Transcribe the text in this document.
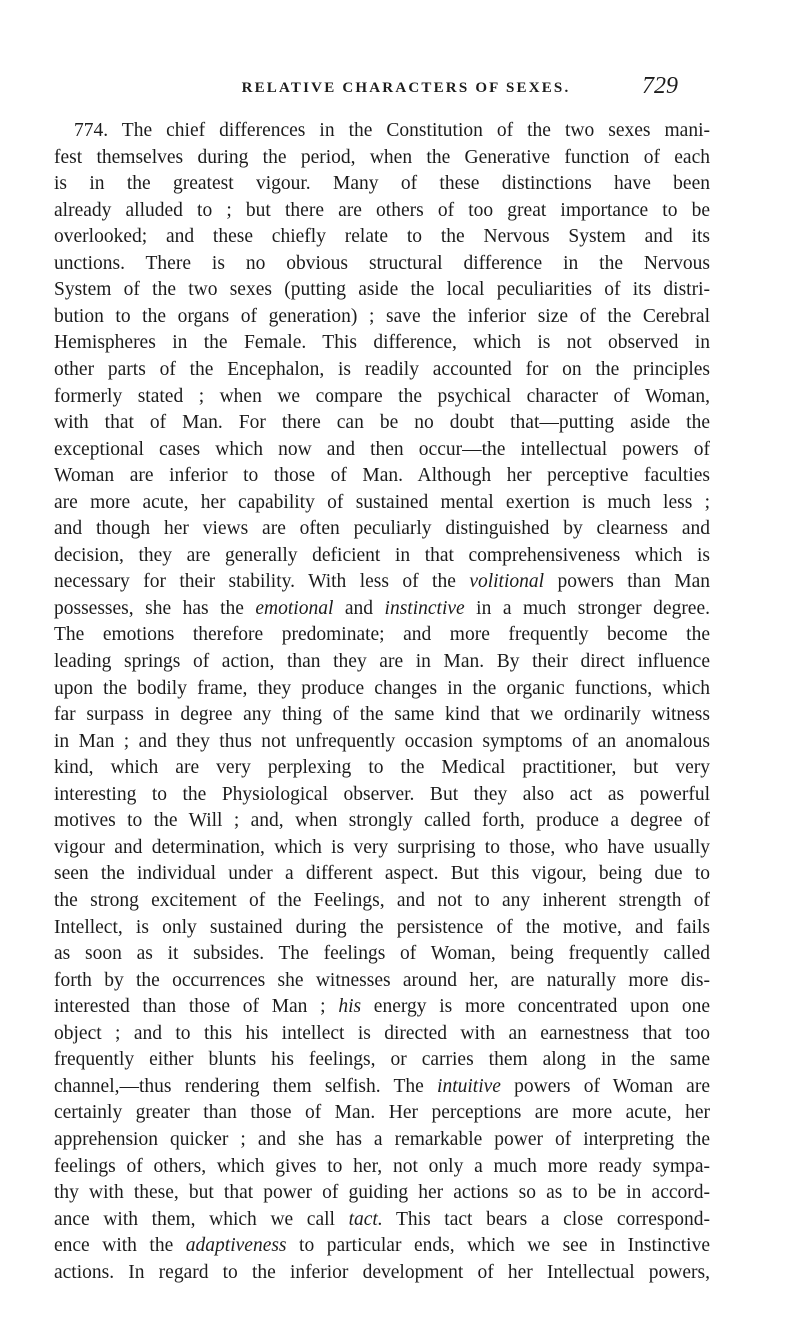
RELATIVE CHARACTERS OF SEXES.	729
774. The chief differences in the Constitution of the two sexes mani-
fest themselves during the period, when the Generative function of each
is in the greatest vigour. Many of these distinctions have been
already alluded to ; but there are others of too great importance to be
overlooked; and these chiefly relate to the Nervous System and its
unctions. There is no obvious structural difference in the Nervous
System of the two sexes (putting aside the local peculiarities of its distri-
bution to the organs of generation) ; save the inferior size of the Cerebral
Hemispheres in the Female. This difference, which is not observed in
other parts of the Encephalon, is readily accounted for on the principles
formerly stated ; when we compare the psychical character of Woman,
with that of Man. For there can be no doubt that—putting aside the
exceptional cases which now and then occur—the intellectual powers of
Woman are inferior to those of Man. Although her perceptive faculties
are more acute, her capability of sustained mental exertion is much less ;
and though her views are often peculiarly distinguished by clearness and
decision, they are generally deficient in that comprehensiveness which is
necessary for their stability. With less of the volitional powers than Man
possesses, she has the emotional and instinctive in a much stronger degree.
The emotions therefore predominate; and more frequently become the
leading springs of action, than they are in Man. By their direct influence
upon the bodily frame, they produce changes in the organic functions, which
far surpass in degree any thing of the same kind that we ordinarily witness
in Man ; and they thus not unfrequently occasion symptoms of an anomalous
kind, which are very perplexing to the Medical practitioner, but very
interesting to the Physiological observer. But they also act as powerful
motives to the Will ; and, when strongly called forth, produce a degree of
vigour and determination, which is very surprising to those, who have usually
seen the individual under a different aspect. But this vigour, being due to
the strong excitement of the Feelings, and not to any inherent strength of
Intellect, is only sustained during the persistence of the motive, and fails
as soon as it subsides. The feelings of Woman, being frequently called
forth by the occurrences she witnesses around her, are naturally more dis-
interested than those of Man ; his energy is more concentrated upon one
object ; and to this his intellect is directed with an earnestness that too
frequently either blunts his feelings, or carries them along in the same
channel,—thus rendering them selfish. The intuitive powers of Woman are
certainly greater than those of Man. Her perceptions are more acute, her
apprehension quicker ; and she has a remarkable power of interpreting the
feelings of others, which gives to her, not only a much more ready sympa-
thy with these, but that power of guiding her actions so as to be in accord-
ance with them, which we call tact. This tact bears a close correspond-
ence with the adaptiveness to particular ends, which we see in Instinctive
actions. In regard to the inferior development of her Intellectual powers,
